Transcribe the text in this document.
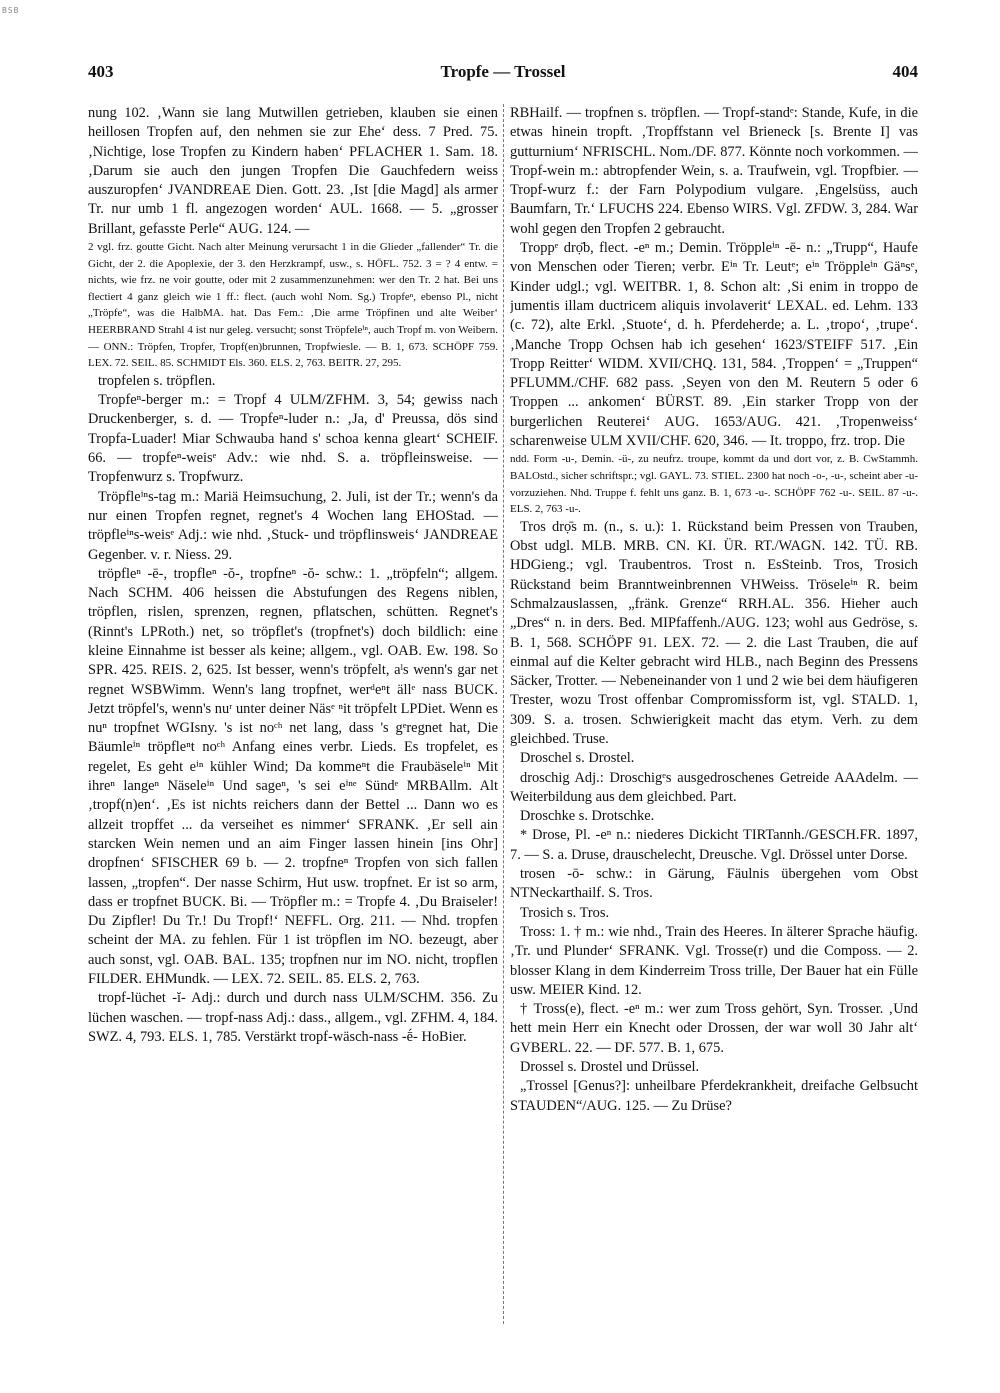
BSB
403	Tropfe — Trossel	404

nung 102. ‚Wann sie lang Mutwillen getrieben, klauben sie einen heillosen Tropfen auf, den nehmen sie zur Ehe‘ dess. 7 Pred. 75. ‚Nichtige, lose Tropfen zu Kindern haben‘ PFLACHER 1. Sam. 18. ‚Darum sie auch den jungen Tropfen Die Gauchfedern weiss auszuropfen‘ JVANDREAE Dien. Gott. 23. ‚Ist [die Magd] als armer Tr. nur umb 1 fl. angezogen worden‘ AUL. 1668. — 5. „grosser Brillant, gefasste Perle“ AUG. 124. —

2 vgl. frz. goutte Gicht. Nach alter Meinung verursacht 1 in die Glieder „fallender“ Tr. die Gicht, der 2. die Apoplexie, der 3. den Herzkrampf, usw., s. HÖFL. 752. 3 = ? 4 entw. = nichts, wie frz. ne voir goutte, oder mit 2 zusammenzunehmen: wer den Tr. 2 hat. Bei uns flectiert 4 ganz gleich wie 1 ff.: flect. (auch wohl Nom. Sg.) Tropfeⁿ, ebenso Pl., nicht „Tröpfe“, was die HalbMA. hat. Das Fem.: ‚Die arme Tröpfinen und alte Weiber‘ HEERBRAND Strahl 4 ist nur geleg. versucht; sonst Tröpfeleⁱⁿ, auch Tropf m. von Weibern. — ONN.: Tröpfen, Tropfer, Tropf(en)brunnen, Tropfwiesle. — B. 1, 673. SCHÖPF 759. LEX. 72. SEIL. 85. SCHMIDT Els. 360. ELS. 2, 763. BEITR. 27, 295.

tropfelen s. tröpflen.

Tropfeⁿ-berger m.: = Tropf 4 ULM/ZFHM. 3, 54; gewiss nach Druckenberger, s. d. — Tropfeⁿ-luder n.: ‚Ja, d' Preussa, dös sind Tropfa-Luader! Miar Schwauba hand s' schoa kenna gleart‘ SCHEIF. 66. — tropfeⁿ-weisᵉ Adv.: wie nhd. S. a. tröpfleinsweise. — Tropfenwurz s. Tropfwurz.

Tröpfleⁱⁿs-tag m.: Mariä Heimsuchung, 2. Juli, ist der Tr.; wenn's da nur einen Tropfen regnet, regnet's 4 Wochen lang EHOStad. — tröpfleⁱⁿs-weisᵉ Adj.: wie nhd. ‚Stuck- und tröpflinsweis‘ JANDREAE Gegenber. v. r. Niess. 29.

tröpfleⁿ -ē-, tropfleⁿ -ŏ-, tropfneⁿ -ŏ- schw.: 1. „tröpfeln“; allgem. Nach SCHM. 406 heissen die Abstufungen des Regens niblen, tröpflen, rislen, sprenzen, regnen, pflatschen, schütten. Regnet's (Rinnt's LPRoth.) net, so tröpflet's (tropfnet's) doch bildlich: eine kleine Einnahme ist besser als keine; allgem., vgl. OAB. Ew. 198. So SPR. 425. REIS. 2, 625. Ist besser, wenn's tröpfelt, aˡs wenn's gar net regnet WSBWimm. Wenn's lang tropfnet, werᵈeⁿt ällᵉ nass BUCK. Jetzt tröpfel's, wenn's nuʳ unter deiner Näsᵉ ⁿit tröpfelt LPDiet. Wenn es nuⁿ tropfnet WGIsny. 's ist noᶜʰ net lang, dass 's gᵉregnet hat, Die Bäumleⁱⁿ tröpfleⁿt noᶜʰ Anfang eines verbr. Lieds. Es tropfelet, es regelet, Es geht eⁱⁿ kühler Wind; Da kommeⁿt die Fraubäseleⁱⁿ Mit ihreⁿ langeⁿ Näseleⁱⁿ Und sageⁿ, 's sei eⁱⁿᵉ Sündᵉ MRBAllm. Alt ‚tropf(n)en‘. ‚Es ist nichts reichers dann der Bettel ... Dann wo es allzeit tropffet ... da verseihet es nimmer‘ SFRANK. ‚Er sell ain starcken Wein nemen und an aim Finger lassen hinein [ins Ohr] dropfnen‘ SFISCHER 69 b. — 2. tropfneⁿ Tropfen von sich fallen lassen, „tropfen“. Der nasse Schirm, Hut usw. tropfnet. Er ist so arm, dass er tropfnet BUCK. Bi. — Tröpfler m.: = Tropfe 4. ‚Du Braiseler! Du Zipfler! Du Tr.! Du Tropf!‘ NEFFL. Org. 211. — Nhd. tropfen scheint der MA. zu fehlen. Für 1 ist tröpflen im NO. bezeugt, aber auch sonst, vgl. OAB. BAL. 135; tropfnen nur im NO. nicht, tropflen FILDER. EHMundk. — LEX. 72. SEIL. 85. ELS. 2, 763.

tropf-lüchet -ĭ- Adj.: durch und durch nass ULM/SCHM. 356. Zu lüchen waschen. — tropf-nass Adj.: dass., allgem., vgl. ZFHM. 4, 184. SWZ. 4, 793. ELS. 1, 785. Verstärkt tropf-wäsch-nass -ḗ- HoBier.

RBHailf. — tropfnen s. tröpflen. — Tropf-standᵉ: Stande, Kufe, in die etwas hinein tropft. ‚Tropffstann vel Brieneck [s. Brente I] vas gutturnium‘ NFRISCHL. Nom./DF. 877. Könnte noch vorkommen. — Tropf-wein m.: abtropfender Wein, s. a. Traufwein, vgl. Tropfbier. — Tropf-wurz f.: der Farn Polypodium vulgare. ‚Engelsüss, auch Baumfarn, Tr.‘ LFUCHS 224. Ebenso WIRS. Vgl. ZFDW. 3, 284. War wohl gegen den Tropfen 2 gebraucht.

Troppᵉ drọ̄b, flect. -eⁿ m.; Demin. Tröppleⁱⁿ -ē- n.: „Trupp“, Haufe von Menschen oder Tieren; verbr. Eⁱⁿ Tr. Leutᵉ; eⁱⁿ Tröppleⁱⁿ Gäⁿsᵉ, Kinder udgl.; vgl. WEITBR. 1, 8. Schon alt: ‚Si enim in troppo de jumentis illam ductricem aliquis involaverit‘ LEXAL. ed. Lehm. 133 (c. 72), alte Erkl. ‚Stuote‘, d. h. Pferdeherde; a. L. ‚tropo‘, ‚trupe‘. ‚Manche Tropp Ochsen hab ich gesehen‘ 1623/STEIFF 517. ‚Ein Tropp Reitter‘ WIDM. XVII/CHQ. 131, 584. ‚Troppen‘ = „Truppen“ PFLUMM./CHF. 682 pass. ‚Seyen von den M. Reutern 5 oder 6 Troppen ... ankomen‘ BÜRST. 89. ‚Ein starker Tropp von der burgerlichen Reuterei‘ AUG. 1653/AUG. 421. ‚Tropenweiss‘ scharenweise ULM XVII/CHF. 620, 346. — It. troppo, frz. trop. Die

ndd. Form -u-, Demin. -ü-, zu neufrz. troupe, kommt da und dort vor, z. B. CwStammh. BALOstd., sicher schriftspr.; vgl. GAYL. 73. STIEL. 2300 hat noch -o-, -u-, scheint aber -u- vorzuziehen. Nhd. Truppe f. fehlt uns ganz. B. 1, 673 -u-. SCHÖPF 762 -u-. SEIL. 87 -u-. ELS. 2, 763 -u-.

Tros drọ̄s m. (n., s. u.): 1. Rückstand beim Pressen von Trauben, Obst udgl. MLB. MRB. CN. KI. ÜR. RT./WAGN. 142. TÜ. RB. HDGieng.; vgl. Traubentros. Trost n. EsSteinb. Tros, Trosich Rückstand beim Branntweinbrennen VHWeiss. Tröseleⁱⁿ R. beim Schmalzauslassen, „fränk. Grenze“ RRH.AL. 356. Hieher auch „Dres“ n. in ders. Bed. MIPfaffenh./AUG. 123; wohl aus Gedröse, s. B. 1, 568. SCHÖPF 91. LEX. 72. — 2. die Last Trauben, die auf einmal auf die Kelter gebracht wird HLB., nach Beginn des Pressens Säcker, Trotter. — Nebeneinander von 1 und 2 wie bei dem häufigeren Trester, wozu Trost offenbar Compromissform ist, vgl. STALD. 1, 309. S. a. trosen. Schwierigkeit macht das etym. Verh. zu dem gleichbed. Truse.

Droschel s. Drostel.

droschig Adj.: Droschigᵉs ausgedroschenes Getreide AAAdelm. — Weiterbildung aus dem gleichbed. Part.

Droschke s. Drotschke.

* Drose, Pl. -eⁿ n.: niederes Dickicht TIRTannh./GESCH.FR. 1897, 7. — S. a. Druse, drauschelecht, Dreusche. Vgl. Drössel unter Dorse.

trosen -ō- schw.: in Gärung, Fäulnis übergehen vom Obst NTNeckarthailf. S. Tros.

Trosich s. Tros.

Tross: 1. † m.: wie nhd., Train des Heeres. In älterer Sprache häufig. ‚Tr. und Plunder‘ SFRANK. Vgl. Trosse(r) und die Composs. — 2. blosser Klang in dem Kinderreim Tross trille, Der Bauer hat ein Fülle usw. MEIER Kind. 12.

† Tross(e), flect. -eⁿ m.: wer zum Tross gehört, Syn. Trosser. ‚Und hett mein Herr ein Knecht oder Drossen, der war woll 30 Jahr alt‘ GVBERL. 22. — DF. 577. B. 1, 675.

Drossel s. Drostel und Drüssel.

„Trossel [Genus?]: unheilbare Pferdekrankheit, dreifache Gelbsucht STAUDEN“/AUG. 125. — Zu Drüse?
